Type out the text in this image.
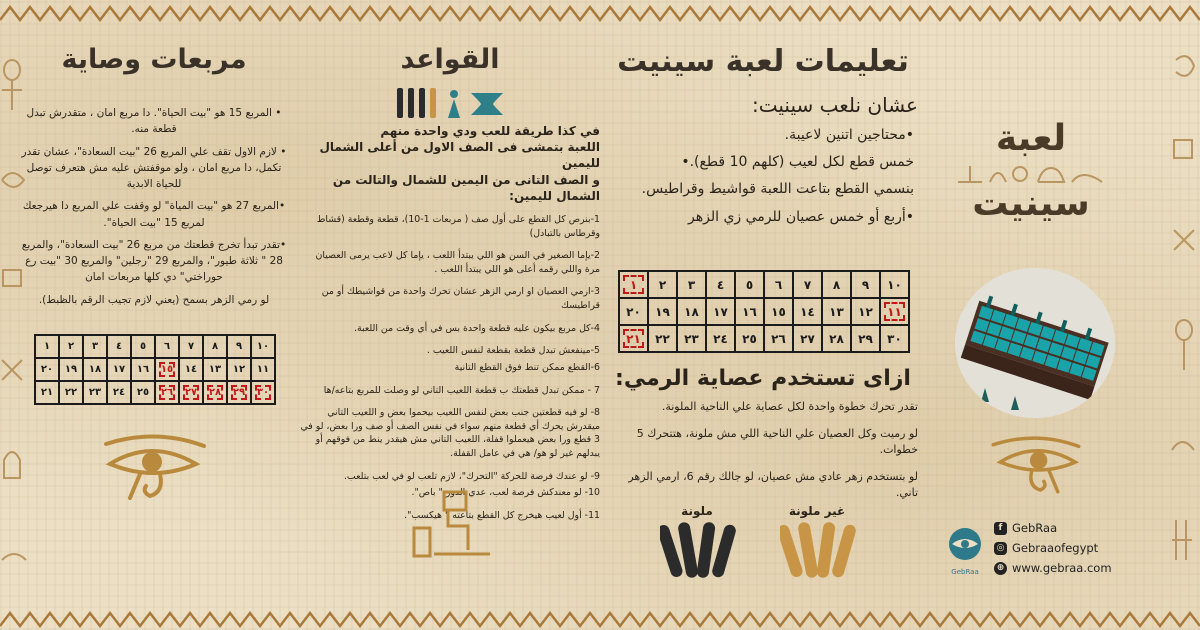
مربعات وصاية
• المربع 15 هو "بيت الحياة". دا مربع امان ، متقدرش تبدل قطعة منه.
• لازم الاول تقف علي المربع 26 "بيت السعادة"، عشان تقدر تكمل، دا مربع امان ، ولو موقفتش عليه مش هتعرف توصل للحياة الابدية
•المربع 27 هو "بيت المياة" لو وقفت علي المربع دا هيرجعك لمربع 15 "بيت الحياة".
•تقدر تبدأ تخرج قطعتك من مربع 26 "بيت السعادة"، والمربع 28 " ثلاثة طيور"، والمربع 29 "رجلين" والمربع 30 "بيت رع حوراختي" دي كلها مربعات امان
لو رمي الزهر بسمح (يعني لازم تجيب الرقم بالظبط).
١	٢	٣	٤	٥	٦	٧	٨	٩	١٠
٢٠	١٩	١٨	١٧	١٦	١٥	١٤	١٣	١٢	١١
٢١	٢٢	٢٣	٢٤	٢٥	٢٦	٢٧	٢٨	٢٩	٣٠
القواعد
في كذا طريقة للعب ودي واحدة منهم
اللعبة بتمشى فى الصف الاول من أعلى الشمال لليمين
و الصف التانى من اليمين للشمال والتالت من الشمال لليمين:
1-بنرص كل القطع على أول صف ( مربعات 1-10)، قطعة وقطعة (قشاط وقرطاس بالتبادل)
2-يإما الصغير في السن هو اللي يبتدأ اللعب ، يإما كل لاعب يرمى العصيان مرة واللي رقمه أعلى هو اللي يبتدأ اللعب .
3-ارمي العصيان او ارمي الزهر عشان تحرك واحدة من قواشيطك أو من قراطيسك
4-كل مربع بيكون عليه قطعة واحدة بس في أي وقت من اللعبة.
5-مينفعش تبدل قطعة بقطعة لنفس اللعيب .
6-القطع ممكن تنط فوق القطع التانية
7 - ممكن تبدل قطعتك ب قطعة اللعيب التاني لو وصلت للمربع بتاعه/ها
8- لو فيه قطعتين جنب بعض لنفس اللعيب بيحموا بعض و اللعيب التاني ميقدرش يحرك أي قطعة منهم سواء في نفس الصف أو صف ورا بعض، لو في 3 قطع ورا بعض هيعملوا قفلة، اللعيب التاني مش هيقدر ينط من فوقهم أو يبدلهم غير لو هو/ هي في عامل القفلة.
9- لو عندك فرصة للحركة "التحرك"، لازم تلعب لو في لعب بتلعب.
10- لو معندكش فرصة لعب، عدي الدور " باص".
11- أول لعيب هيخرج كل القطع بتاعته " هيكسب".
تعليمات لعبة سينيت
عشان نلعب سينيت:
•محتاجين اتنين لاعيبة.
خمس قطع لكل لعيب (كلهم 10 قطع).•
بنسمي القطع بتاعت اللعبة قواشيط وقراطيس.
•أربع أو خمس عصيان للرمي زي الزهر
١	٢	٣	٤	٥	٦	٧	٨	٩	١٠
٢٠	١٩	١٨	١٧	١٦	١٥	١٤	١٣	١٢	١١
٢١	٢٢	٢٣	٢٤	٢٥	٢٦	٢٧	٢٨	٢٩	٣٠
ازاى تستخدم عصاية الرمي:
تقدر تحرك خطوة واحدة لكل عصاية علي الناحية الملونة.
لو رميت وكل العصيان علي الناحية اللي مش ملونة، هتتحرك 5 خطوات.
لو بتستخدم زهر عادي مش عصيان، لو جالك رقم 6، ارمي الزهر تاني.
ملونة	غير ملونة
لعبة
سينيت
GebRaa
f GebRaa
◎ Gebraaofegypt
⊕ www.gebraa.com
